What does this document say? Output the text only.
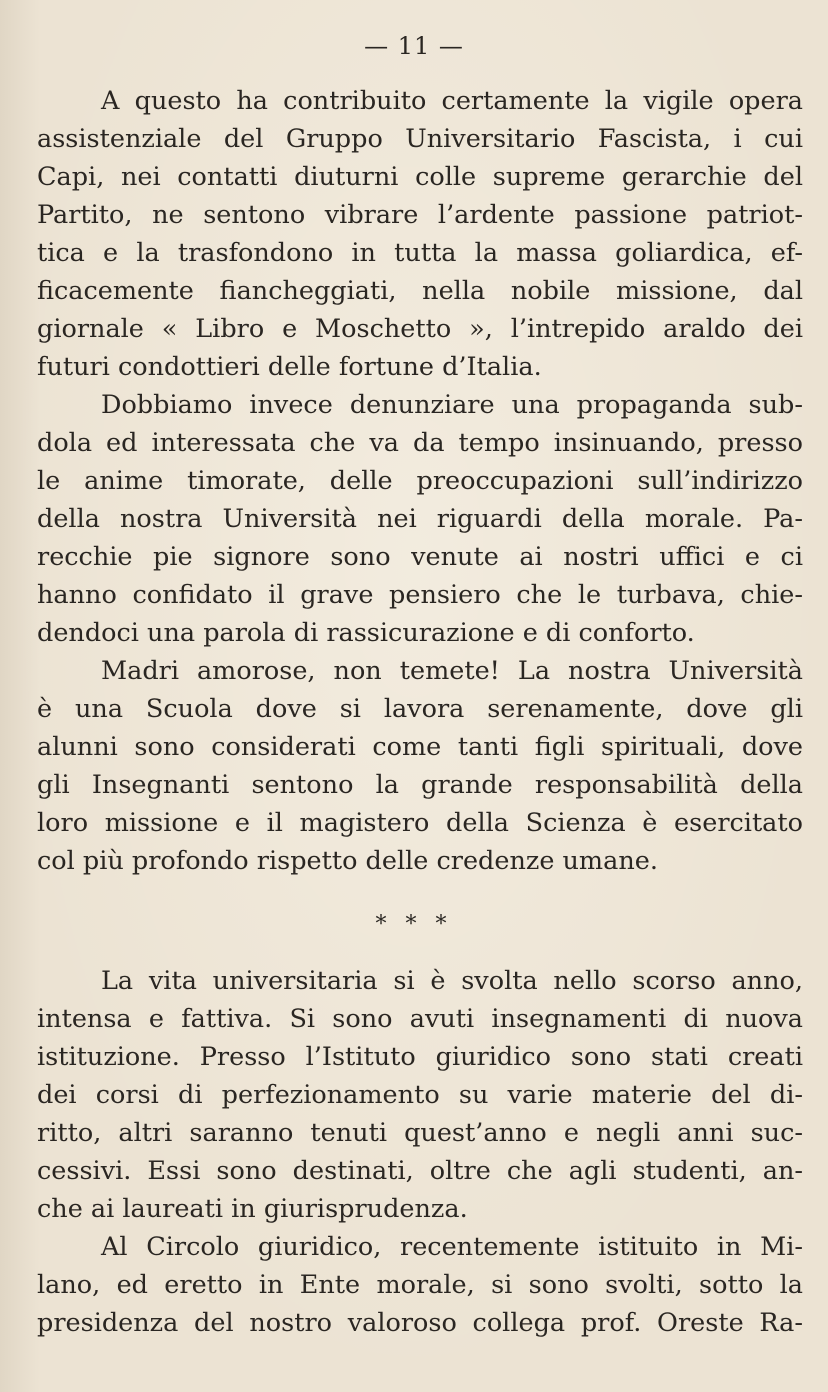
— 11 —
A questo ha contribuito certamente la vigile opera
assistenziale del Gruppo Universitario Fascista, i cui
Capi, nei contatti diuturni colle supreme gerarchie del
Partito, ne sentono vibrare l’ardente passione patriot-
tica e la trasfondono in tutta la massa goliardica, ef-
ficacemente fiancheggiati, nella nobile missione, dal
giornale « Libro e Moschetto », l’intrepido araldo dei
futuri condottieri delle fortune d’Italia.
Dobbiamo invece denunziare una propaganda sub-
dola ed interessata che va da tempo insinuando, presso
le anime timorate, delle preoccupazioni sull’indirizzo
della nostra Università nei riguardi della morale. Pa-
recchie pie signore sono venute ai nostri uffici e ci
hanno confidato il grave pensiero che le turbava, chie-
dendoci una parola di rassicurazione e di conforto.
Madri amorose, non temete! La nostra Università
è una Scuola dove si lavora serenamente, dove gli
alunni sono considerati come tanti figli spirituali, dove
gli Insegnanti sentono la grande responsabilità della
loro missione e il magistero della Scienza è esercitato
col più profondo rispetto delle credenze umane.
* * *
La vita universitaria si è svolta nello scorso anno,
intensa e fattiva. Si sono avuti insegnamenti di nuova
istituzione. Presso l’Istituto giuridico sono stati creati
dei corsi di perfezionamento su varie materie del di-
ritto, altri saranno tenuti quest’anno e negli anni suc-
cessivi. Essi sono destinati, oltre che agli studenti, an-
che ai laureati in giurisprudenza.
Al Circolo giuridico, recentemente istituito in Mi-
lano, ed eretto in Ente morale, si sono svolti, sotto la
presidenza del nostro valoroso collega prof. Oreste Ra-
